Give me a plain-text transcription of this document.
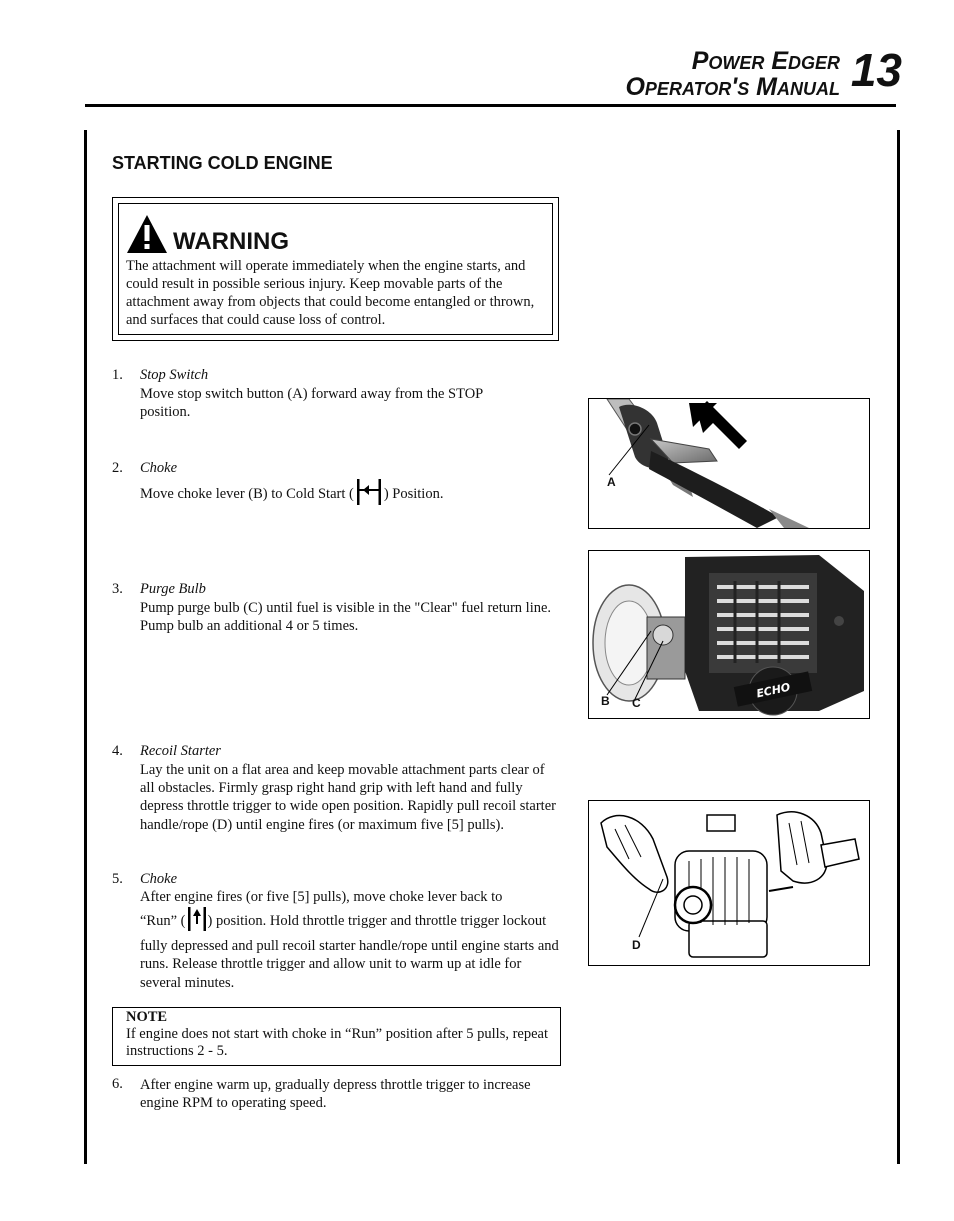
Power Edger
Operator's Manual 13
STARTING COLD ENGINE
WARNING
The attachment will operate immediately when the engine starts, and could result in possible serious injury. Keep movable parts of the attachment away from objects that could become entangled or thrown, and surfaces that could cause loss of control.
1. Stop Switch
Move stop switch button (A) forward away from the STOP position.
2. Choke
Move choke lever (B) to Cold Start ( ) Position.
3. Purge Bulb
Pump purge bulb (C) until fuel is visible in the "Clear" fuel return line. Pump bulb an additional 4 or 5 times.
4. Recoil Starter
Lay the unit on a flat area and keep movable attachment parts clear of all obstacles. Firmly grasp right hand grip with left hand and fully depress throttle trigger to wide open position. Rapidly pull recoil starter handle/rope (D) until engine fires (or maximum five [5] pulls).
5. Choke
After engine fires (or five [5] pulls), move choke lever back to
“Run” ( ) position. Hold throttle trigger and throttle trigger lockout fully depressed and pull recoil starter handle/rope until engine starts and runs. Release throttle trigger and allow unit to warm up at idle for several minutes.
NOTE
If engine does not start with choke in “Run” position after 5 pulls, repeat instructions 2 - 5.
6. After engine warm up, gradually depress throttle trigger to increase engine RPM to operating speed.
A
ECHO
B C
D
